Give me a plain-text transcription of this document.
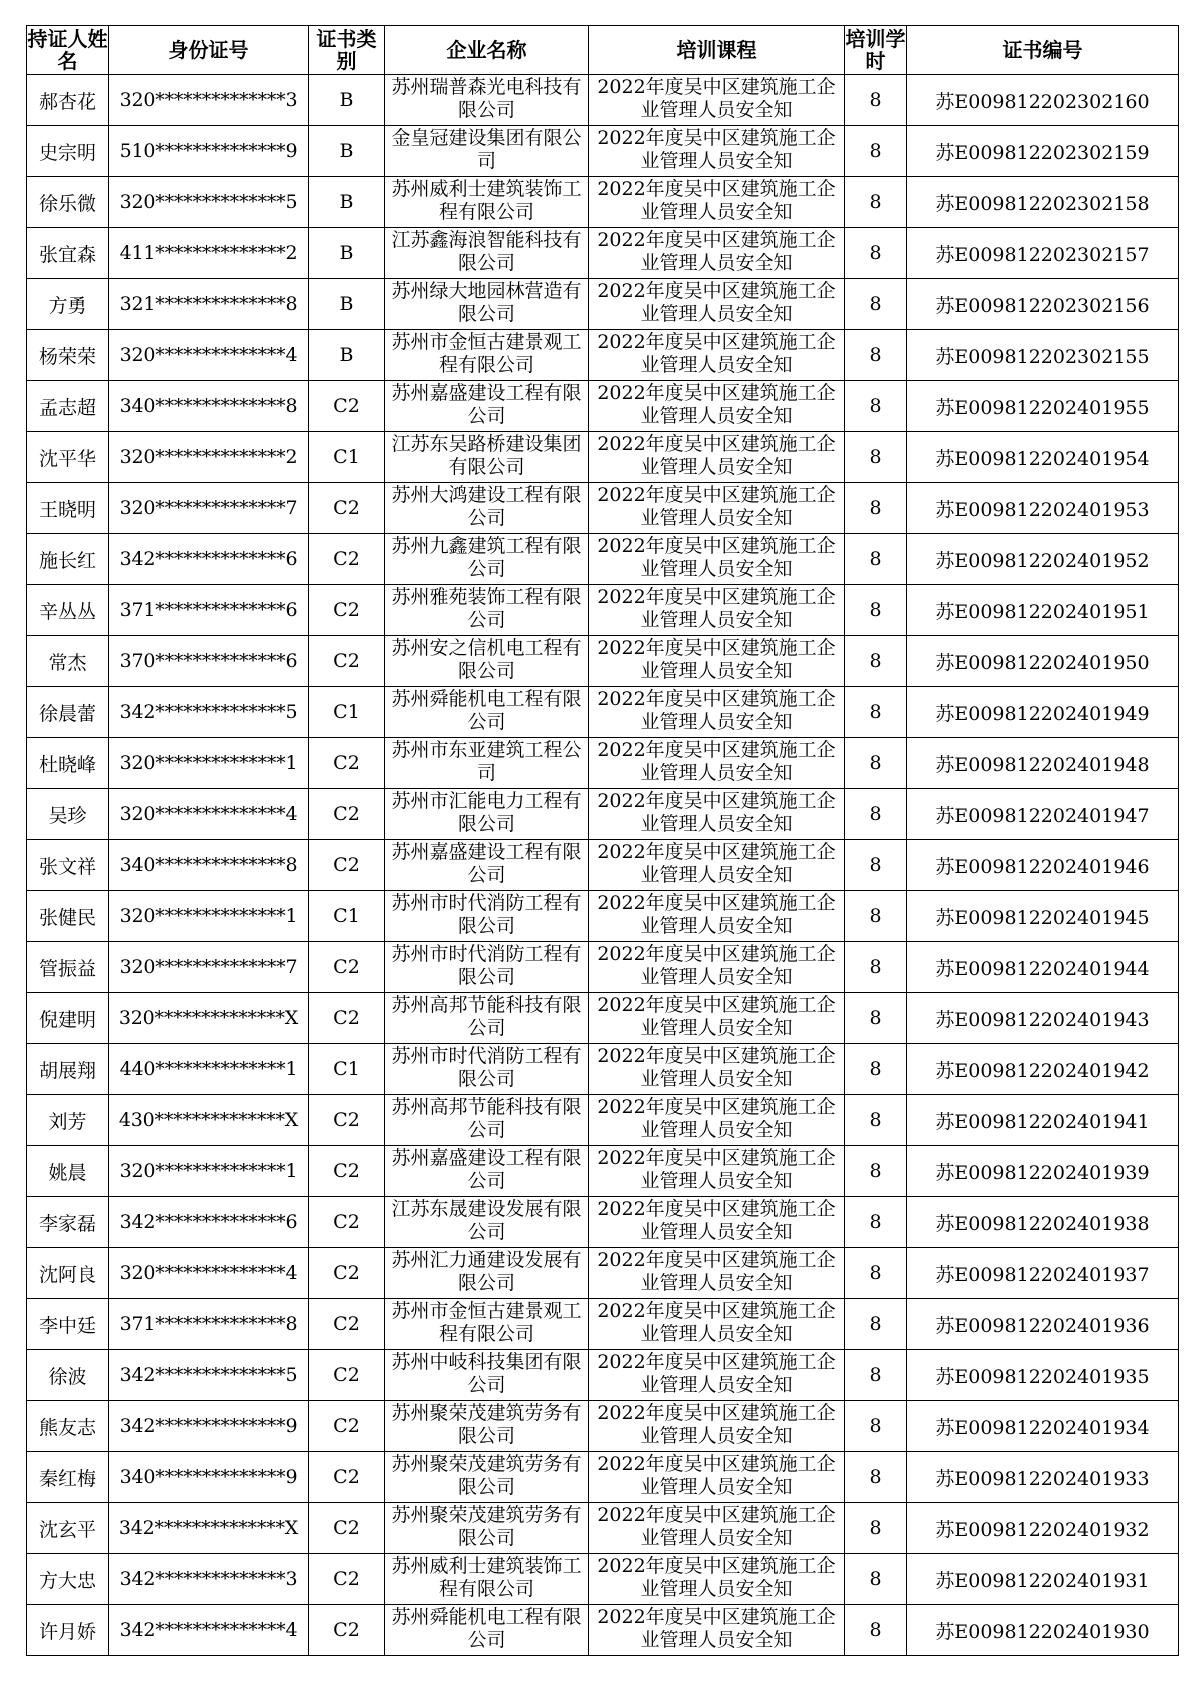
持证人姓名	身份证号	证书类别	企业名称	培训课程	培训学时	证书编号
郝杏花	320**************3	B	苏州瑞普森光电科技有限公司	2022年度吴中区建筑施工企业管理人员安全知	8	苏E009812202302160
史宗明	510**************9	B	金皇冠建设集团有限公司	2022年度吴中区建筑施工企业管理人员安全知	8	苏E009812202302159
徐乐微	320**************5	B	苏州威利士建筑装饰工程有限公司	2022年度吴中区建筑施工企业管理人员安全知	8	苏E009812202302158
张宜森	411**************2	B	江苏鑫海浪智能科技有限公司	2022年度吴中区建筑施工企业管理人员安全知	8	苏E009812202302157
方勇	321**************8	B	苏州绿大地园林营造有限公司	2022年度吴中区建筑施工企业管理人员安全知	8	苏E009812202302156
杨荣荣	320**************4	B	苏州市金恒古建景观工程有限公司	2022年度吴中区建筑施工企业管理人员安全知	8	苏E009812202302155
孟志超	340**************8	C2	苏州嘉盛建设工程有限公司	2022年度吴中区建筑施工企业管理人员安全知	8	苏E009812202401955
沈平华	320**************2	C1	江苏东吴路桥建设集团有限公司	2022年度吴中区建筑施工企业管理人员安全知	8	苏E009812202401954
王晓明	320**************7	C2	苏州大鸿建设工程有限公司	2022年度吴中区建筑施工企业管理人员安全知	8	苏E009812202401953
施长红	342**************6	C2	苏州九鑫建筑工程有限公司	2022年度吴中区建筑施工企业管理人员安全知	8	苏E009812202401952
辛丛丛	371**************6	C2	苏州雅苑装饰工程有限公司	2022年度吴中区建筑施工企业管理人员安全知	8	苏E009812202401951
常杰	370**************6	C2	苏州安之信机电工程有限公司	2022年度吴中区建筑施工企业管理人员安全知	8	苏E009812202401950
徐晨蕾	342**************5	C1	苏州舜能机电工程有限公司	2022年度吴中区建筑施工企业管理人员安全知	8	苏E009812202401949
杜晓峰	320**************1	C2	苏州市东亚建筑工程公司	2022年度吴中区建筑施工企业管理人员安全知	8	苏E009812202401948
吴珍	320**************4	C2	苏州市汇能电力工程有限公司	2022年度吴中区建筑施工企业管理人员安全知	8	苏E009812202401947
张文祥	340**************8	C2	苏州嘉盛建设工程有限公司	2022年度吴中区建筑施工企业管理人员安全知	8	苏E009812202401946
张健民	320**************1	C1	苏州市时代消防工程有限公司	2022年度吴中区建筑施工企业管理人员安全知	8	苏E009812202401945
管振益	320**************7	C2	苏州市时代消防工程有限公司	2022年度吴中区建筑施工企业管理人员安全知	8	苏E009812202401944
倪建明	320**************X	C2	苏州高邦节能科技有限公司	2022年度吴中区建筑施工企业管理人员安全知	8	苏E009812202401943
胡展翔	440**************1	C1	苏州市时代消防工程有限公司	2022年度吴中区建筑施工企业管理人员安全知	8	苏E009812202401942
刘芳	430**************X	C2	苏州高邦节能科技有限公司	2022年度吴中区建筑施工企业管理人员安全知	8	苏E009812202401941
姚晨	320**************1	C2	苏州嘉盛建设工程有限公司	2022年度吴中区建筑施工企业管理人员安全知	8	苏E009812202401939
李家磊	342**************6	C2	江苏东晟建设发展有限公司	2022年度吴中区建筑施工企业管理人员安全知	8	苏E009812202401938
沈阿良	320**************4	C2	苏州汇力通建设发展有限公司	2022年度吴中区建筑施工企业管理人员安全知	8	苏E009812202401937
李中廷	371**************8	C2	苏州市金恒古建景观工程有限公司	2022年度吴中区建筑施工企业管理人员安全知	8	苏E009812202401936
徐波	342**************5	C2	苏州中岐科技集团有限公司	2022年度吴中区建筑施工企业管理人员安全知	8	苏E009812202401935
熊友志	342**************9	C2	苏州聚荣茂建筑劳务有限公司	2022年度吴中区建筑施工企业管理人员安全知	8	苏E009812202401934
秦红梅	340**************9	C2	苏州聚荣茂建筑劳务有限公司	2022年度吴中区建筑施工企业管理人员安全知	8	苏E009812202401933
沈玄平	342**************X	C2	苏州聚荣茂建筑劳务有限公司	2022年度吴中区建筑施工企业管理人员安全知	8	苏E009812202401932
方大忠	342**************3	C2	苏州威利士建筑装饰工程有限公司	2022年度吴中区建筑施工企业管理人员安全知	8	苏E009812202401931
许月娇	342**************4	C2	苏州舜能机电工程有限公司	2022年度吴中区建筑施工企业管理人员安全知	8	苏E009812202401930
